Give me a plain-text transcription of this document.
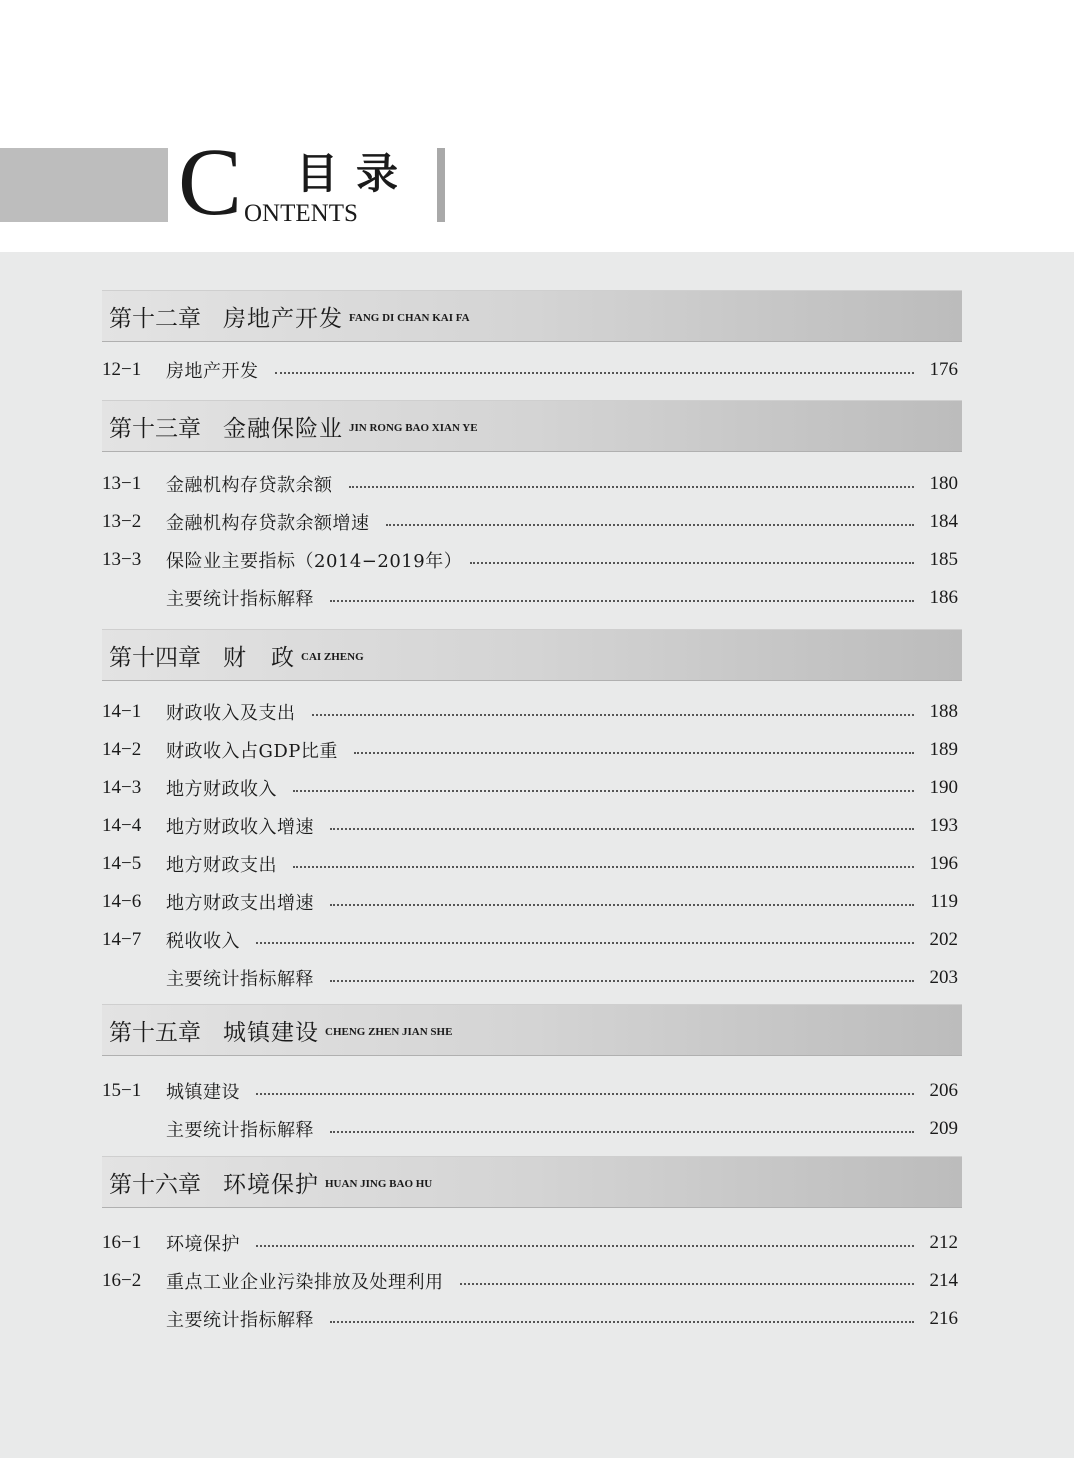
C 目录
ONTENTS
第十二章 房地产开发 FANG DI CHAN KAI FA
12−1	房地产开发	176
第十三章 金融保险业 JIN RONG BAO XIAN YE
13−1	金融机构存贷款余额	180
13−2	金融机构存贷款余额增速	184
13−3	保险业主要指标（2014−2019年）	185
主要统计指标解释	186
第十四章 财　政 CAI ZHENG
14−1	财政收入及支出	188
14−2	财政收入占GDP比重	189
14−3	地方财政收入	190
14−4	地方财政收入增速	193
14−5	地方财政支出	196
14−6	地方财政支出增速	119
14−7	税收收入	202
主要统计指标解释	203
第十五章 城镇建设 CHENG ZHEN JIAN SHE
15−1	城镇建设	206
主要统计指标解释	209
第十六章 环境保护 HUAN JING BAO HU
16−1	环境保护	212
16−2	重点工业企业污染排放及处理利用	214
主要统计指标解释	216
